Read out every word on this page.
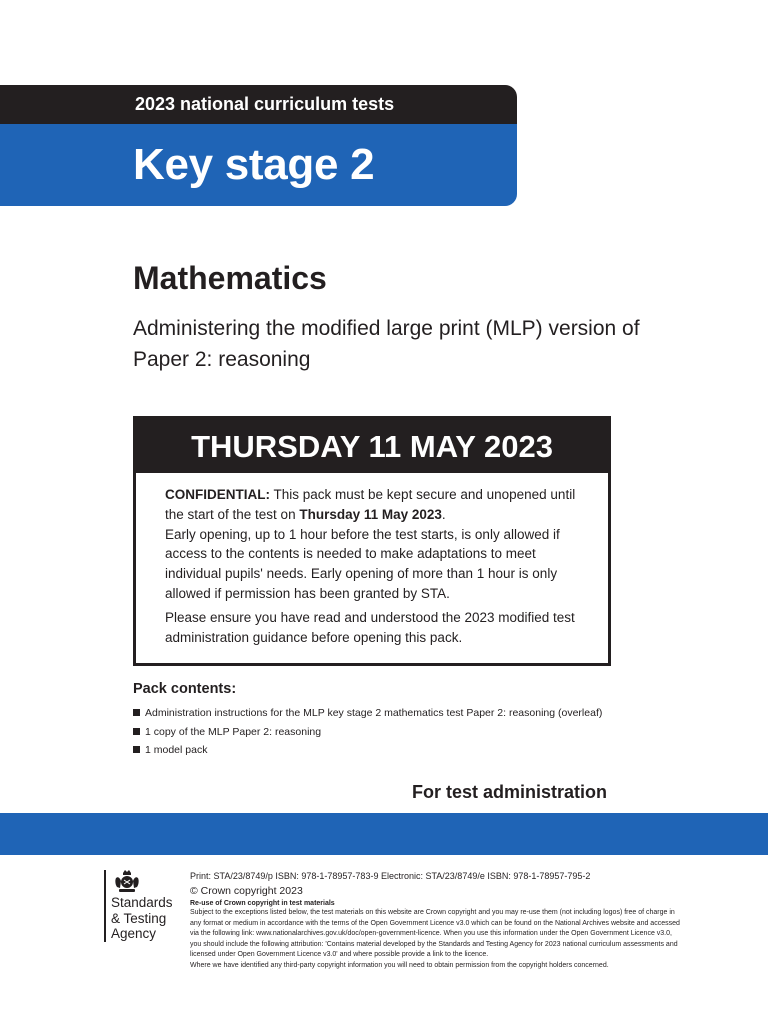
2023 national curriculum tests
Key stage 2
Mathematics
Administering the modified large print (MLP) version of Paper 2: reasoning
THURSDAY 11 MAY 2023

CONFIDENTIAL: This pack must be kept secure and unopened until the start of the test on Thursday 11 May 2023.

Early opening, up to 1 hour before the test starts, is only allowed if access to the contents is needed to make adaptations to meet individual pupils' needs. Early opening of more than 1 hour is only allowed if permission has been granted by STA.

Please ensure you have read and understood the 2023 modified test administration guidance before opening this pack.

Pack contents:
Administration instructions for the MLP key stage 2 mathematics test Paper 2: reasoning (overleaf)
1 copy of the MLP Paper 2: reasoning
1 model pack
For test administration
Standards
& Testing
Agency
Print: STA/23/8749/p ISBN: 978-1-78957-783-9 Electronic: STA/23/8749/e ISBN: 978-1-78957-795-2
© Crown copyright 2023
Re-use of Crown copyright in test materials
Subject to the exceptions listed below, the test materials on this website are Crown copyright and you may re-use them (not including logos) free of charge in any format or medium in accordance with the terms of the Open Government Licence v3.0 which can be found on the National Archives website and accessed via the following link: www.nationalarchives.gov.uk/doc/open-government-licence. When you use this information under the Open Government Licence v3.0, you should include the following attribution: 'Contains material developed by the Standards and Testing Agency for 2023 national curriculum assessments and licensed under Open Government Licence v3.0' and where possible provide a link to the licence.
Where we have identified any third-party copyright information you will need to obtain permission from the copyright holders concerned.
